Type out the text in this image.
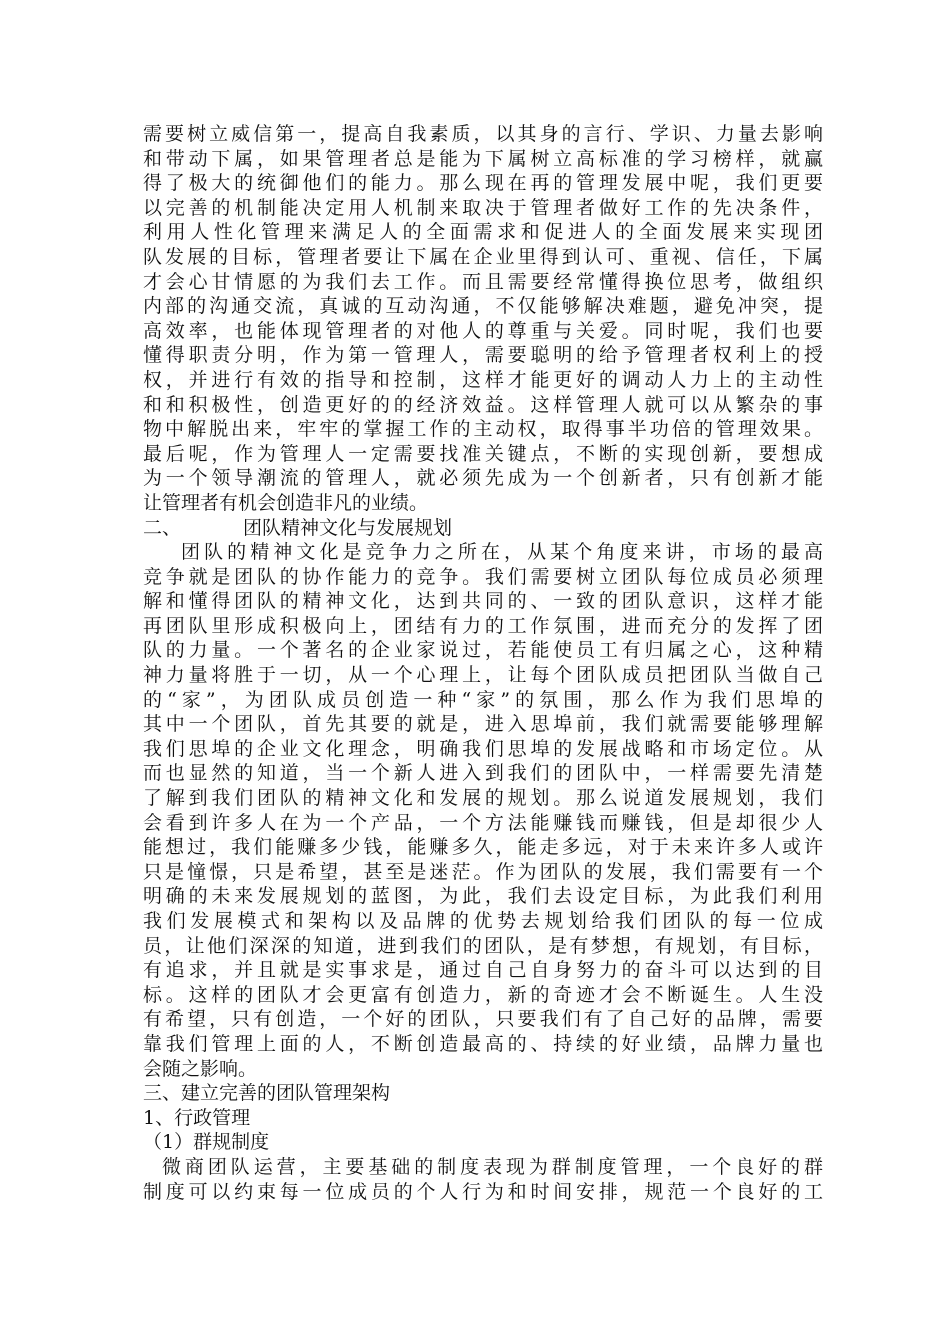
需要树立威信第一，提高自我素质，以其身的言行、学识、力量去影响
和带动下属，如果管理者总是能为下属树立高标准的学习榜样，就赢
得了极大的统御他们的能力。那么现在再的管理发展中呢，我们更要
以完善的机制能决定用人机制来取决于管理者做好工作的先决条件，
利用人性化管理来满足人的全面需求和促进人的全面发展来实现团
队发展的目标，管理者要让下属在企业里得到认可、重视、信任，下属
才会心甘情愿的为我们去工作。而且需要经常懂得换位思考，做组织
内部的沟通交流，真诚的互动沟通，不仅能够解决难题，避免冲突，提
高效率，也能体现管理者的对他人的尊重与关爱。同时呢，我们也要
懂得职责分明，作为第一管理人，需要聪明的给予管理者权利上的授
权，并进行有效的指导和控制，这样才能更好的调动人力上的主动性
和和积极性，创造更好的的经济效益。这样管理人就可以从繁杂的事
物中解脱出来，牢牢的掌握工作的主动权，取得事半功倍的管理效果。
最后呢，作为管理人一定需要找准关键点，不断的实现创新，要想成
为一个领导潮流的管理人，就必须先成为一个创新者，只有创新才能
让管理者有机会创造非凡的业绩。
二、	团队精神文化与发展规划
团队的精神文化是竞争力之所在，从某个角度来讲，市场的最高
竞争就是团队的协作能力的竞争。我们需要树立团队每位成员必须理
解和懂得团队的精神文化，达到共同的、一致的团队意识，这样才能
再团队里形成积极向上，团结有力的工作氛围，进而充分的发挥了团
队的力量。一个著名的企业家说过，若能使员工有归属之心，这种精
神力量将胜于一切，从一个心理上，让每个团队成员把团队当做自己
的“家”，为团队成员创造一种“家”的氛围，那么作为我们思埠的
其中一个团队，首先其要的就是，进入思埠前，我们就需要能够理解
我们思埠的企业文化理念，明确我们思埠的发展战略和市场定位。从
而也显然的知道，当一个新人进入到我们的团队中，一样需要先清楚
了解到我们团队的精神文化和发展的规划。那么说道发展规划，我们
会看到许多人在为一个产品，一个方法能赚钱而赚钱，但是却很少人
能想过，我们能赚多少钱，能赚多久，能走多远，对于未来许多人或许
只是憧憬，只是希望，甚至是迷茫。作为团队的发展，我们需要有一个
明确的未来发展规划的蓝图，为此，我们去设定目标，为此我们利用
我们发展模式和架构以及品牌的优势去规划给我们团队的每一位成
员，让他们深深的知道，进到我们的团队，是有梦想，有规划，有目标，
有追求，并且就是实事求是，通过自己自身努力的奋斗可以达到的目
标。这样的团队才会更富有创造力，新的奇迹才会不断诞生。人生没
有希望，只有创造，一个好的团队，只要我们有了自己好的品牌，需要
靠我们管理上面的人，不断创造最高的、持续的好业绩，品牌力量也
会随之影响。
三、建立完善的团队管理架构
1、行政管理
（1）群规制度
微商团队运营，主要基础的制度表现为群制度管理，一个良好的群
制度可以约束每一位成员的个人行为和时间安排，规范一个良好的工
